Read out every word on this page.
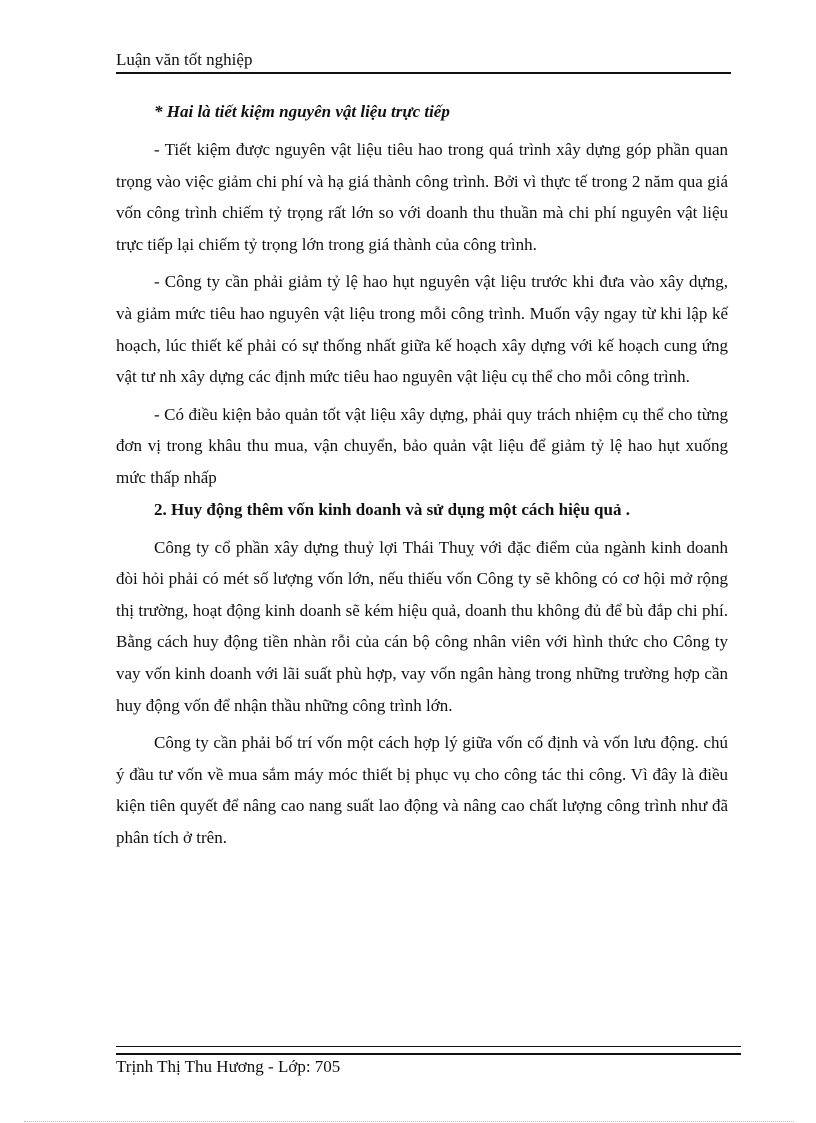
Luận văn tốt nghiệp
* Hai là tiết kiệm nguyên vật liệu trực tiếp

- Tiết kiệm được nguyên vật liệu tiêu hao trong quá trình xây dựng góp phần quan trọng vào việc giảm chi phí và hạ giá thành công trình. Bởi vì thực tế trong 2 năm qua giá vốn công trình chiếm tỷ trọng rất lớn so với doanh thu thuần mà chi phí nguyên vật liệu trực tiếp lại chiếm tỷ trọng lớn trong giá thành của công trình.

- Công ty cần phải giảm tỷ lệ hao hụt nguyên vật liệu trước khi đưa vào xây dựng, và giảm mức tiêu hao nguyên vật liệu trong mỗi công trình. Muốn vậy ngay từ khi lập kế hoạch, lúc thiết kế phải có sự thống nhất giữa kế hoạch xây dựng với kế hoạch cung ứng vật tư nh xây dựng các định mức tiêu hao nguyên vật liệu cụ thể cho mỗi công trình.

- Có điều kiện bảo quản tốt vật liệu xây dựng, phải quy trách nhiệm cụ thể cho từng đơn vị trong khâu thu mua, vận chuyển, bảo quản vật liệu để giảm tỷ lệ hao hụt xuống mức thấp nhấp

2. Huy động thêm vốn kinh doanh và sử dụng một cách hiệu quả .

Công ty cổ phần xây dựng thuỷ lợi Thái Thuỵ với đặc điểm của ngành kinh doanh đòi hỏi phải có mét số lượng vốn lớn, nếu thiếu vốn Công ty sẽ không có cơ hội mở rộng thị trường, hoạt động kinh doanh sẽ kém hiệu quả, doanh thu không đủ để bù đắp chi phí. Bằng cách huy động tiền nhàn rỗi của cán bộ công nhân viên với hình thức cho Công ty vay vốn kinh doanh với lãi suất phù hợp, vay vốn ngân hàng trong những trường hợp cần huy động vốn để nhận thầu những công trình lớn.

Công ty cần phải bố trí vốn một cách hợp lý giữa vốn cố định và vốn lưu động. chú ý đầu tư vốn về mua sắm máy móc thiết bị phục vụ cho công tác thi công. Vì đây là điều kiện tiên quyết để nâng cao nang suất lao động và nâng cao chất lượng công trình như đã phân tích ở trên.

Trịnh Thị Thu Hương - Lớp: 705
